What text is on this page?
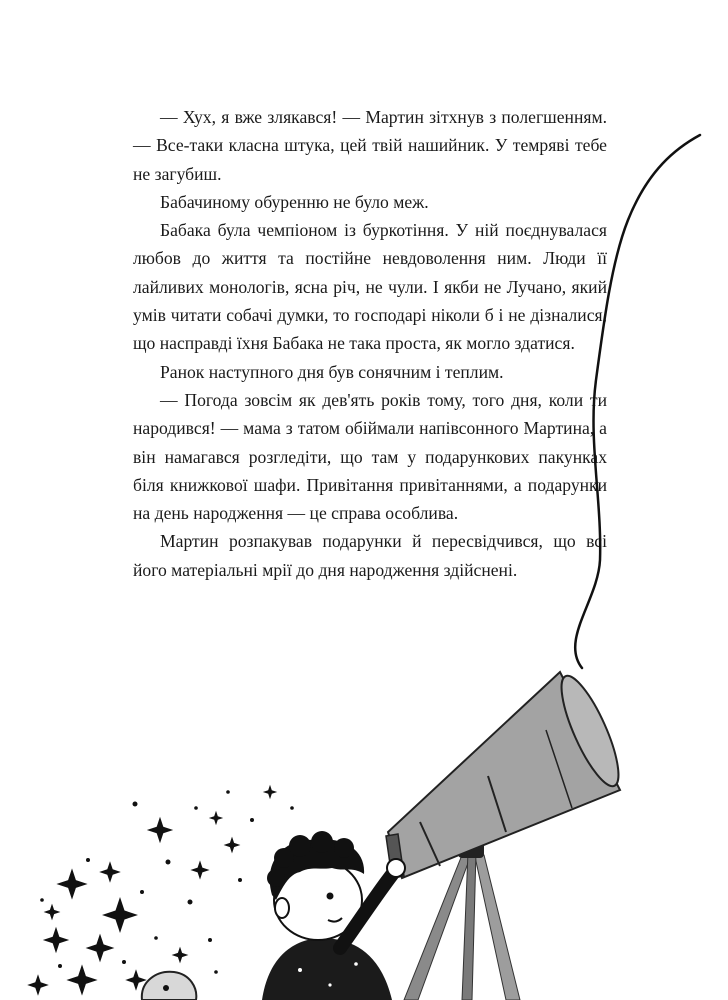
— Хух, я вже злякався! — Мартин зітхнув з полегшенням. — Все-таки класна штука, цей твій нашийник. У темряві тебе не загубиш.

Бабачиному обуренню не було меж.

Бабака була чемпіоном із буркотіння. У ній поєднувалася любов до життя та постійне невдоволення ним. Люди її лайливих монологів, ясна річ, не чули. І якби не Лучано, який умів читати собачі думки, то господарі ніколи б і не дізналися, що насправді їхня Бабака не така проста, як могло здатися.

Ранок наступного дня був сонячним і теплим.

— Погода зовсім як дев'ять років тому, того дня, коли ти народився! — мама з татом обіймали напівсонного Мартина, а він намагався розгледіти, що там у подарункових пакунках біля книжкової шафи. Привітання привітаннями, а подарунки на день народження — це справа особлива.

Мартин розпакував подарунки й пересвідчився, що всі його матеріальні мрії до дня народження здійснені.
